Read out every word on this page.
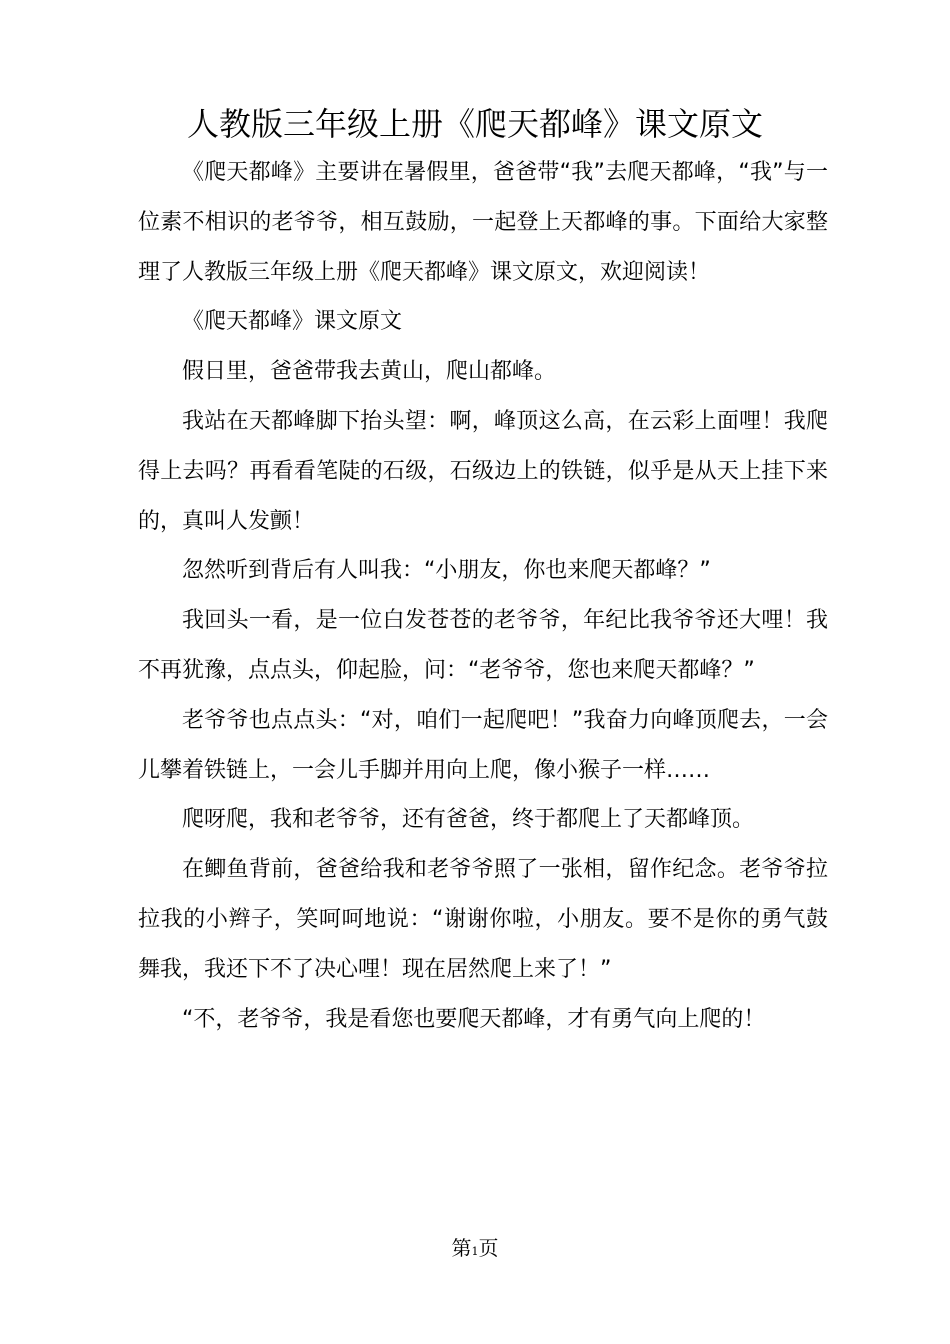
人教版三年级上册《爬天都峰》课文原文

《爬天都峰》主要讲在暑假里，爸爸带“我”去爬天都峰，“我”与一位素不相识的老爷爷，相互鼓励，一起登上天都峰的事。下面给大家整理了人教版三年级上册《爬天都峰》课文原文，欢迎阅读！

《爬天都峰》课文原文

假日里，爸爸带我去黄山，爬山都峰。

我站在天都峰脚下抬头望：啊，峰顶这么高，在云彩上面哩！我爬得上去吗？再看看笔陡的石级，石级边上的铁链，似乎是从天上挂下来的，真叫人发颤！

忽然听到背后有人叫我：“小朋友，你也来爬天都峰？”

我回头一看，是一位白发苍苍的老爷爷，年纪比我爷爷还大哩！我不再犹豫，点点头，仰起脸，问：“老爷爷，您也来爬天都峰？”

老爷爷也点点头：“对，咱们一起爬吧！”我奋力向峰顶爬去，一会儿攀着铁链上，一会儿手脚并用向上爬，像小猴子一样……

爬呀爬，我和老爷爷，还有爸爸，终于都爬上了天都峰顶。

在鲫鱼背前，爸爸给我和老爷爷照了一张相，留作纪念。老爷爷拉拉我的小辫子，笑呵呵地说：“谢谢你啦，小朋友。要不是你的勇气鼓舞我，我还下不了决心哩！现在居然爬上来了！”

“不，老爷爷，我是看您也要爬天都峰，才有勇气向上爬的！

第1页
